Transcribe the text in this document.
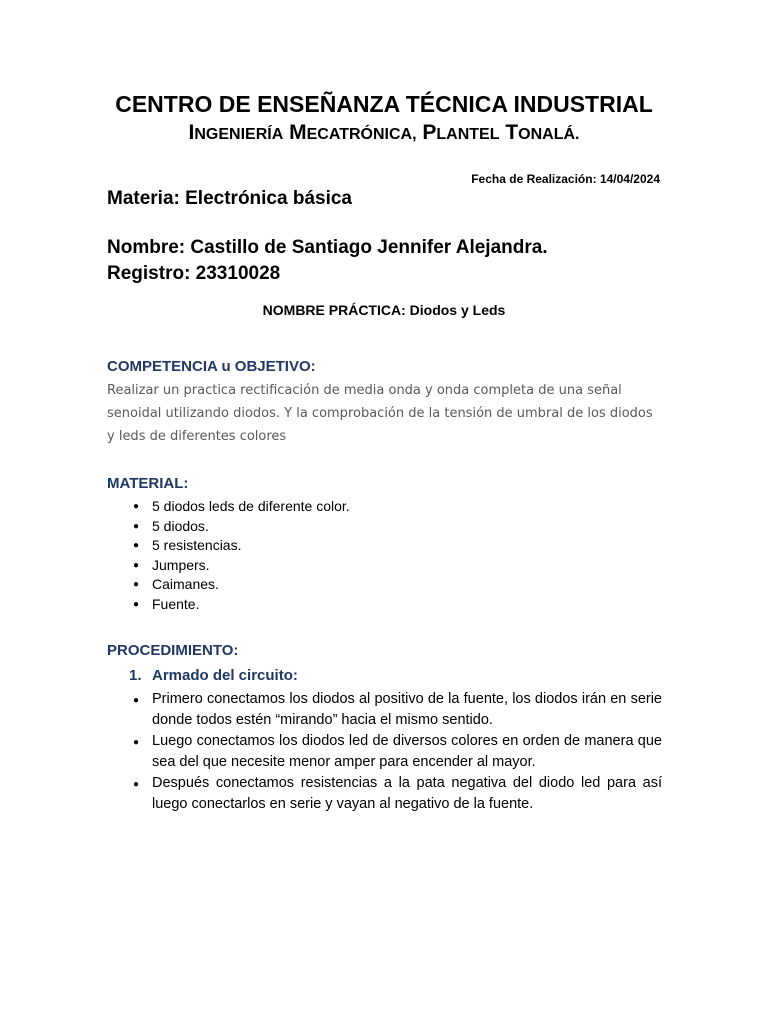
CENTRO DE ENSEÑANZA TÉCNICA INDUSTRIAL
INGENIERÍA MECATRÓNICA, PLANTEL TONALÁ.
Fecha de Realización: 14/04/2024
Materia: Electrónica básica
Nombre: Castillo de Santiago Jennifer Alejandra.
Registro: 23310028
NOMBRE PRÁCTICA: Diodos y Leds
COMPETENCIA u OBJETIVO:
Realizar un practica rectificación de media onda y onda completa de una señal senoidal utilizando diodos. Y la comprobación de la tensión de umbral de los diodos y leds de diferentes colores
MATERIAL:
● 5 diodos leds de diferente color.
● 5 diodos.
● 5 resistencias.
● Jumpers.
● Caimanes.
● Fuente.
PROCEDIMIENTO:
1. Armado del circuito:
● Primero conectamos los diodos al positivo de la fuente, los diodos irán en serie donde todos estén “mirando” hacia el mismo sentido.
● Luego conectamos los diodos led de diversos colores en orden de manera que sea del que necesite menor amper para encender al mayor.
● Después conectamos resistencias a la pata negativa del diodo led para así luego conectarlos en serie y vayan al negativo de la fuente.
